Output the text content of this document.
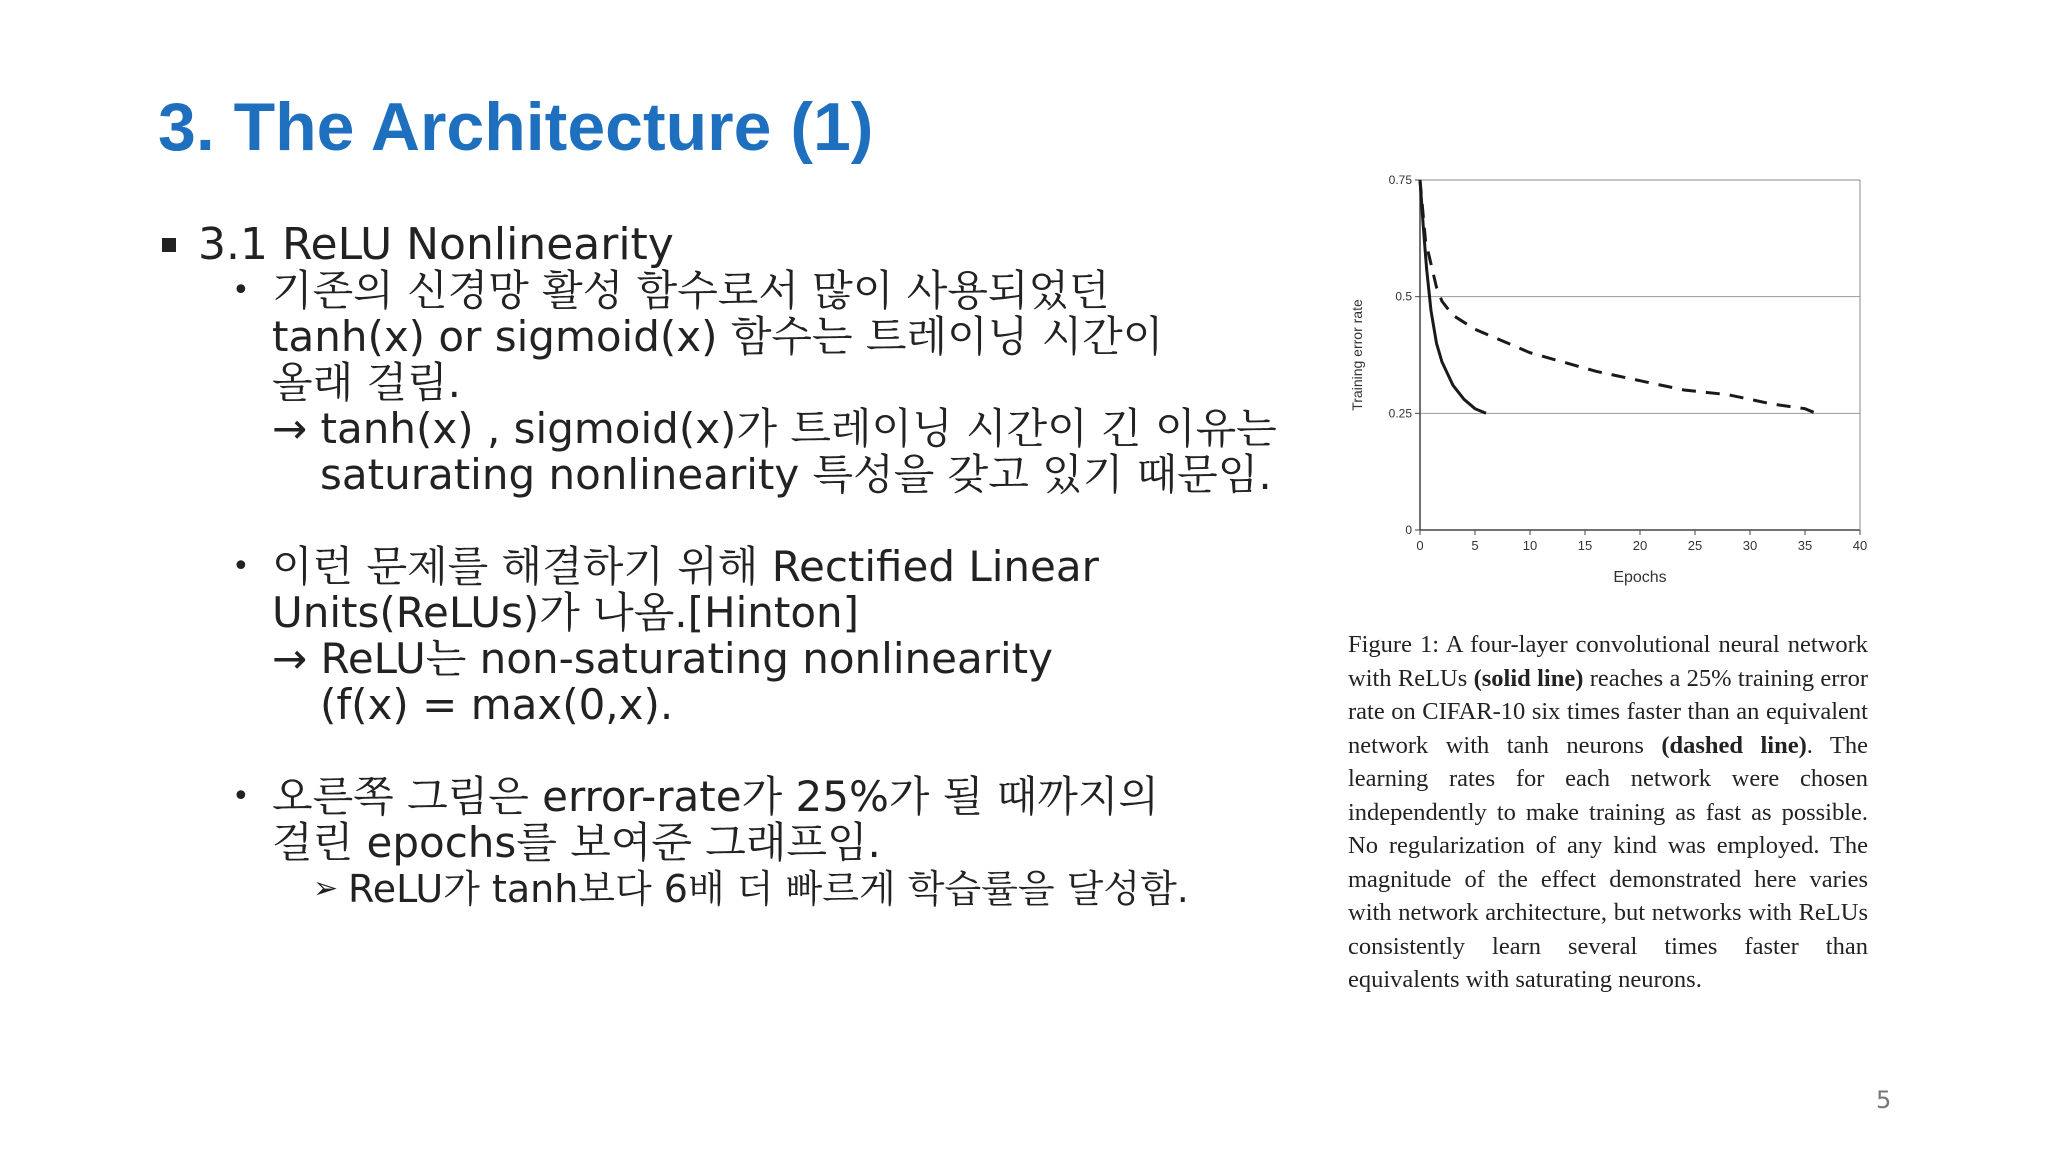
3. The Architecture (1)
3.1 ReLU Nonlinearity
• 기존의 신경망 활성 함수로서 많이 사용되었던
tanh(x) or sigmoid(x) 함수는 트레이닝 시간이
올래 걸림.
→ tanh(x) , sigmoid(x)가 트레이닝 시간이 긴 이유는
saturating nonlinearity 특성을 갖고 있기 때문임.
• 이런 문제를 해결하기 위해 Rectified Linear
Units(ReLUs)가 나옴.[Hinton]
→ ReLU는 non-saturating nonlinearity
(f(x) = max(0,x).
• 오른쪽 그림은 error-rate가 25%가 될 때까지의
걸린 epochs를 보여준 그래프임.
➢ ReLU가 tanh보다 6배 더 빠르게 학습률을 달성함.
0	5	10	15	20	25	30	35	40
0
0.25
0.5
0.75
Epochs
Training error rate
Figure 1: A four-layer convolutional neural network with ReLUs (solid line) reaches a 25% training error rate on CIFAR-10 six times faster than an equivalent network with tanh neurons (dashed line). The learning rates for each network were chosen independently to make training as fast as possible. No regularization of any kind was employed. The magnitude of the effect demonstrated here varies with network architecture, but networks with ReLUs consistently learn several times faster than equivalents with saturating neurons.
5
